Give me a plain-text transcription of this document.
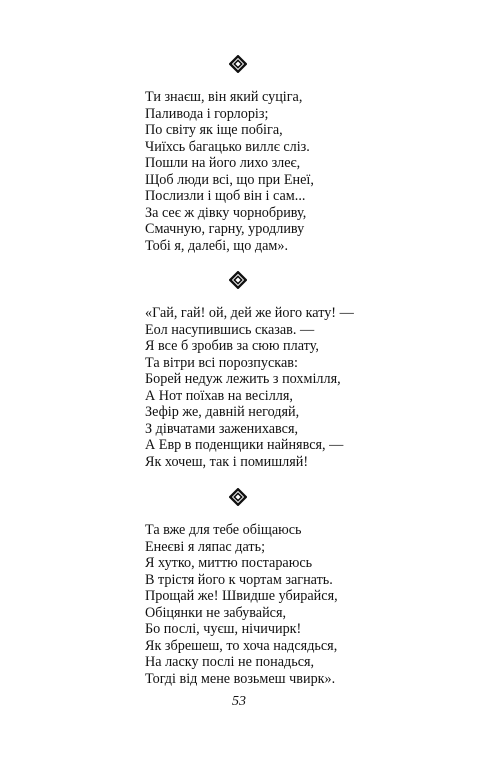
Ти знаєш, він який суціга,
Паливода і горлоріз;
По світу як іще побіга,
Чиїхсь багацько виллє сліз.
Пошли на його лихо злеє,
Щоб люди всі, що при Енеї,
Послизли і щоб він і сам...
За сеє ж дівку чорнобриву,
Смачную, гарну, уродливу
Тобі я, далебі, що дам».
«Гай, гай! ой, дей же його кату! —
Еол насупившись сказав. —
Я все б зробив за сюю плату,
Та вітри всі порозпускав:
Борей недуж лежить з похмілля,
А Нот поїхав на весілля,
Зефір же, давній негодяй,
З дівчатами заженихався,
А Евр в поденщики найнявся, —
Як хочеш, так і помишляй!
Та вже для тебе обіщаюсь
Енеєві я ляпас дать;
Я хутко, миттю постараюсь
В трістя його к чортам загнать.
Прощай же! Швидше убирайся,
Обіцянки не забувайся,
Бо послі, чуєш, нічичирк!
Як збрешеш, то хоча надсядься,
На ласку послі не понадься,
Тогді від мене возьмеш чвирк».
53
